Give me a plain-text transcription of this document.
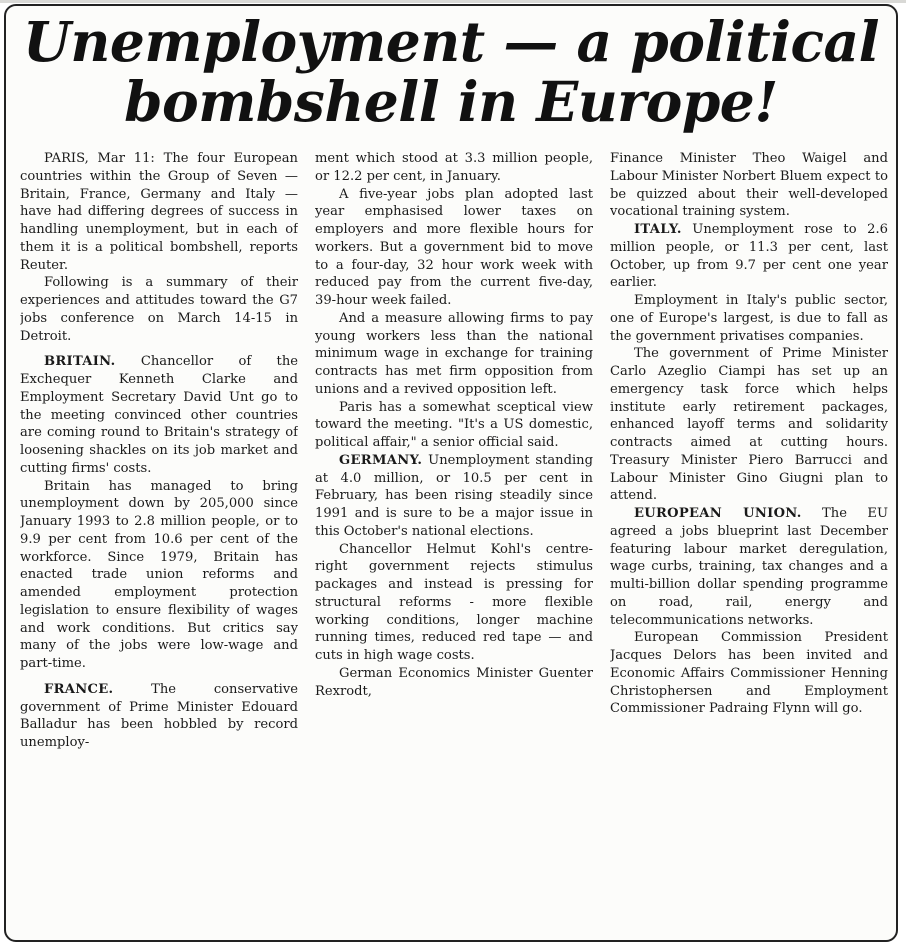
Unemployment — a political
bombshell in Europe!

PARIS, Mar 11: The four European countries within the Group of Seven — Britain, France, Germany and Italy — have had differing degrees of success in handling unemployment, but in each of them it is a political bombshell, reports Reuter.

Following is a summary of their experiences and attitudes toward the G7 jobs conference on March 14-15 in Detroit.

BRITAIN. Chancellor of the Exchequer Kenneth Clarke and Employment Secretary David Unt go to the meeting convinced other countries are coming round to Britain's strategy of loosening shackles on its job market and cutting firms' costs.

Britain has managed to bring unemployment down by 205,000 since January 1993 to 2.8 million people, or to 9.9 per cent from 10.6 per cent of the workforce. Since 1979, Britain has enacted trade union reforms and amended employment protection legislation to ensure flexibility of wages and work conditions. But critics say many of the jobs were low-wage and part-time.

FRANCE. The conservative government of Prime Minister Edouard Balladur has been hobbled by record unemploy-

ment which stood at 3.3 million people, or 12.2 per cent, in January.

A five-year jobs plan adopted last year emphasised lower taxes on employers and more flexible hours for workers. But a government bid to move to a four-day, 32 hour work week with reduced pay from the current five-day, 39-hour week failed.

And a measure allowing firms to pay young workers less than the national minimum wage in exchange for training contracts has met firm opposition from unions and a revived opposition left.

Paris has a somewhat sceptical view toward the meeting. "It's a US domestic, political affair," a senior official said.

GERMANY. Unemployment standing at 4.0 million, or 10.5 per cent in February, has been rising steadily since 1991 and is sure to be a major issue in this October's national elections.

Chancellor Helmut Kohl's centre-right government rejects stimulus packages and instead is pressing for structural reforms - more flexible working conditions, longer machine running times, reduced red tape — and cuts in high wage costs.

German Economics Minister Guenter Rexrodt,

Finance Minister Theo Waigel and Labour Minister Norbert Bluem expect to be quizzed about their well-developed vocational training system.

ITALY. Unemployment rose to 2.6 million people, or 11.3 per cent, last October, up from 9.7 per cent one year earlier.

Employment in Italy's public sector, one of Europe's largest, is due to fall as the government privatises companies.

The government of Prime Minister Carlo Azeglio Ciampi has set up an emergency task force which helps institute early retirement packages, enhanced layoff terms and solidarity contracts aimed at cutting hours. Treasury Minister Piero Barrucci and Labour Minister Gino Giugni plan to attend.

EUROPEAN UNION. The EU agreed a jobs blueprint last December featuring labour market deregulation, wage curbs, training, tax changes and a multi-billion dollar spending programme on road, rail, energy and telecommunications networks.

European Commission President Jacques Delors has been invited and Economic Affairs Commissioner Henning Christophersen and Employment Commissioner Padraing Flynn will go.
